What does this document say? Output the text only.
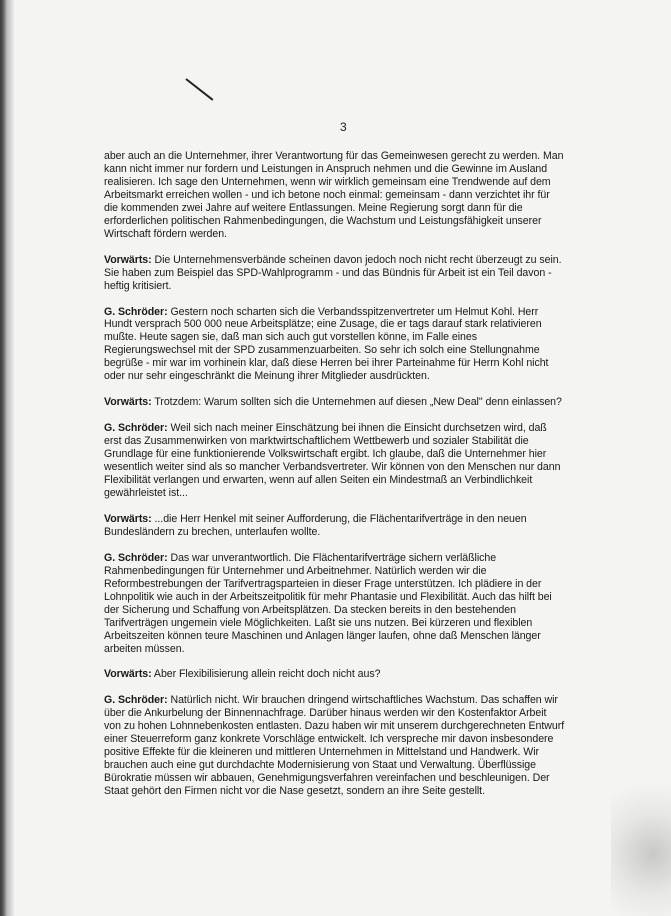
3

aber auch an die Unternehmer, ihrer Verantwortung für das Gemeinwesen gerecht zu werden. Man kann nicht immer nur fordern und Leistungen in Anspruch nehmen und die Gewinne im Ausland realisieren. Ich sage den Unternehmen, wenn wir wirklich gemeinsam eine Trendwende auf dem Arbeitsmarkt erreichen wollen - und ich betone noch einmal: gemeinsam - dann verzichtet ihr für die kommenden zwei Jahre auf weitere Entlassungen. Meine Regierung sorgt dann für die erforderlichen politischen Rahmenbedingungen, die Wachstum und Leistungsfähigkeit unserer Wirtschaft fördern werden.

Vorwärts: Die Unternehmensverbände scheinen davon jedoch noch nicht recht überzeugt zu sein. Sie haben zum Beispiel das SPD-Wahlprogramm - und das Bündnis für Arbeit ist ein Teil davon - heftig kritisiert.

G. Schröder: Gestern noch scharten sich die Verbandsspitzenvertreter um Helmut Kohl. Herr Hundt versprach 500 000 neue Arbeitsplätze; eine Zusage, die er tags darauf stark relativieren mußte. Heute sagen sie, daß man sich auch gut vorstellen könne, im Falle eines Regierungswechsel mit der SPD zusammenzuarbeiten. So sehr ich solch eine Stellungnahme begrüße - mir war im vorhinein klar, daß diese Herren bei ihrer Parteinahme für Herrn Kohl nicht oder nur sehr eingeschränkt die Meinung ihrer Mitglieder ausdrückten.

Vorwärts: Trotzdem: Warum sollten sich die Unternehmen auf diesen „New Deal" denn einlassen?

G. Schröder: Weil sich nach meiner Einschätzung bei ihnen die Einsicht durchsetzen wird, daß erst das Zusammenwirken von marktwirtschaftlichem Wettbewerb und sozialer Stabilität die Grundlage für eine funktionierende Volkswirtschaft ergibt. Ich glaube, daß die Unternehmer hier wesentlich weiter sind als so mancher Verbandsvertreter. Wir können von den Menschen nur dann Flexibilität verlangen und erwarten, wenn auf allen Seiten ein Mindestmaß an Verbindlichkeit gewährleistet ist...

Vorwärts: ...die Herr Henkel mit seiner Aufforderung, die Flächentarifverträge in den neuen Bundesländern zu brechen, unterlaufen wollte.

G. Schröder: Das war unverantwortlich. Die Flächentarifverträge sichern verläßliche Rahmenbedingungen für Unternehmer und Arbeitnehmer. Natürlich werden wir die Reformbestrebungen der Tarifvertragsparteien in dieser Frage unterstützen. Ich plädiere in der Lohnpolitik wie auch in der Arbeitszeitpolitik für mehr Phantasie und Flexibilität. Auch das hilft bei der Sicherung und Schaffung von Arbeitsplätzen. Da stecken bereits in den bestehenden Tarifverträgen ungemein viele Möglichkeiten. Laßt sie uns nutzen. Bei kürzeren und flexiblen Arbeitszeiten können teure Maschinen und Anlagen länger laufen, ohne daß Menschen länger arbeiten müssen.

Vorwärts: Aber Flexibilisierung allein reicht doch nicht aus?

G. Schröder: Natürlich nicht. Wir brauchen dringend wirtschaftliches Wachstum. Das schaffen wir über die Ankurbelung der Binnennachfrage. Darüber hinaus werden wir den Kostenfaktor Arbeit von zu hohen Lohnnebenkosten entlasten. Dazu haben wir mit unserem durchgerechneten Entwurf einer Steuerreform ganz konkrete Vorschläge entwickelt. Ich verspreche mir davon insbesondere positive Effekte für die kleineren und mittleren Unternehmen in Mittelstand und Handwerk. Wir brauchen auch eine gut durchdachte Modernisierung von Staat und Verwaltung. Überflüssige Bürokratie müssen wir abbauen, Genehmigungsverfahren vereinfachen und beschleunigen. Der Staat gehört den Firmen nicht vor die Nase gesetzt, sondern an ihre Seite gestellt.
